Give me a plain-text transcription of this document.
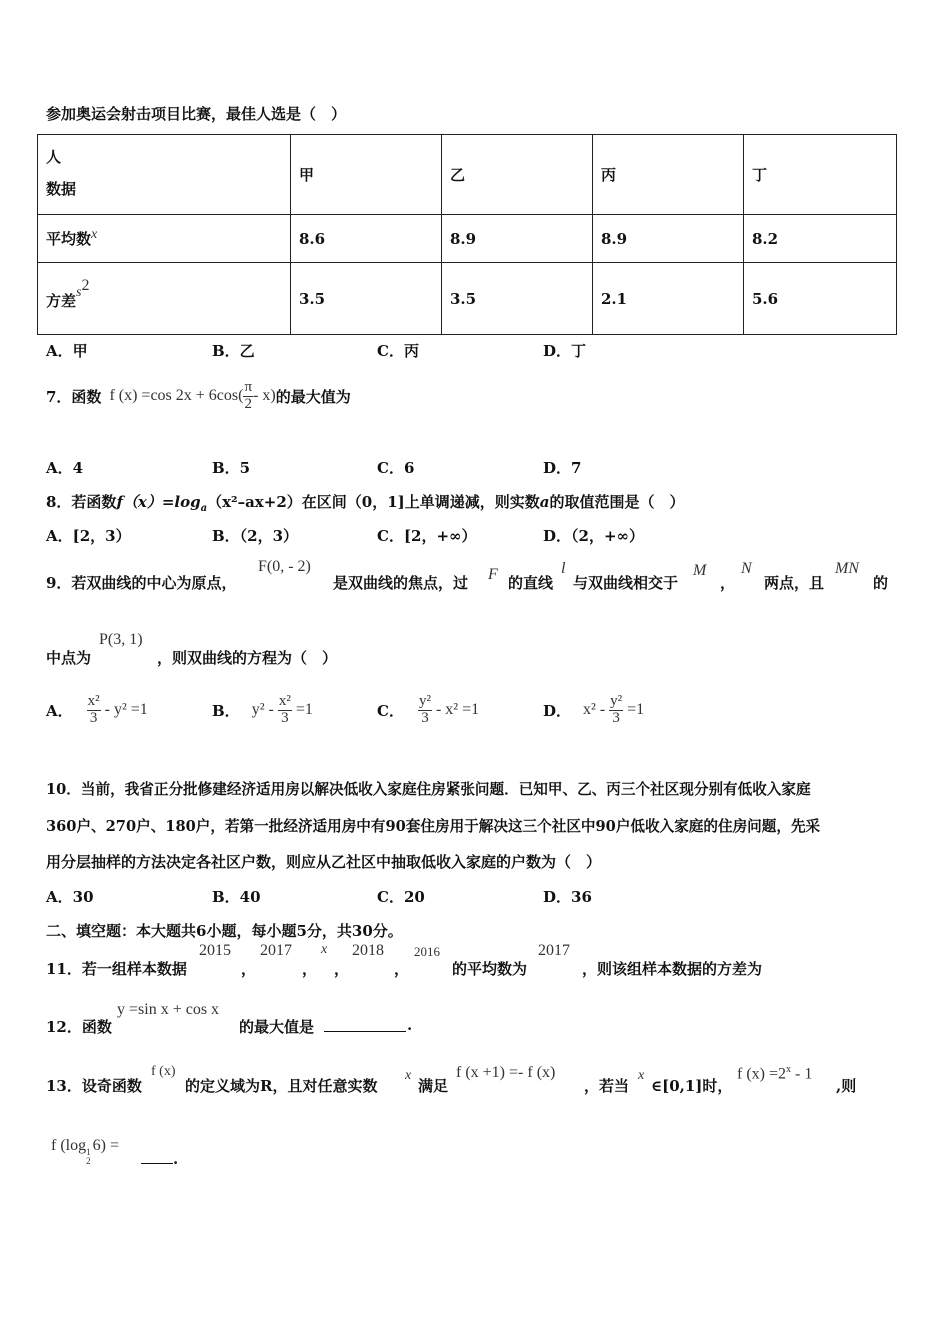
参加奥运会射击项目比赛，最佳人选是（　）
人
数据	甲	乙	丙	丁
平均数x	8.6	8.9	8.9	8.2
方差$s^2$	3.5	3.5	2.1	5.6
A．甲	B．乙	C．丙	D．丁
7．函数 f (x) =cos $2x + 6\cos( \frac{\pi}{2} - x)$ 的最大值为
A．4	B．5	C．6	D．7
8．若函数$f(x)=\log_a(x^2-ax+2)$在区间（0，1]上单调递减，则实数a的取值范围是（　）
A．[2，3）	B．（2，3）	C．[2，+∞）	D．（2，+∞）
9．若双曲线的中心为原点，
F(0, - 2)
是双曲线的焦点，过 F 的直线
l
与双曲线相交于
M
，
N
两点，且
MN
的
中点为
P(3, 1)
，则双曲线的方程为（　）
A． $\frac{\text{x²}}{3} - y^2 =1$	B． $y^2 - \frac{\text{x²}}{3} =1$	C． $\frac{\text{y²}}{3} - x^2 =1$	D． $x^2 - \frac{\text{y²}}{3} =1$
10．当前，我省正分批修建经济适用房以解决低收入家庭住房紧张问题．已知甲、乙、丙三个社区现分别有低收入家庭
360户、270户、180户，若第一批经济适用房中有90套住房用于解决这三个社区中90户低收入家庭的住房问题，先采
用分层抽样的方法决定各社区户数，则应从乙社区中抽取低收入家庭的户数为（　）
A．30	B．40	C．20	D．36
二、填空题：本大题共6小题，每小题5分，共30分。
11．若一组样本数据
2015
，
2017
，
x
，
2018
，
2016
的平均数为
2017
，则该组样本数据的方差为
12．函数
y =sin x + cos x
的最大值是	.
13．设奇函数
f (x)
的定义域为R，且对任意实数
x
满足
f (x +1) =- f (x)
，若当
x
∈[0,1]时，
f $(x) =2^x - 1$
,则
f (log 1
2
6) =
.
